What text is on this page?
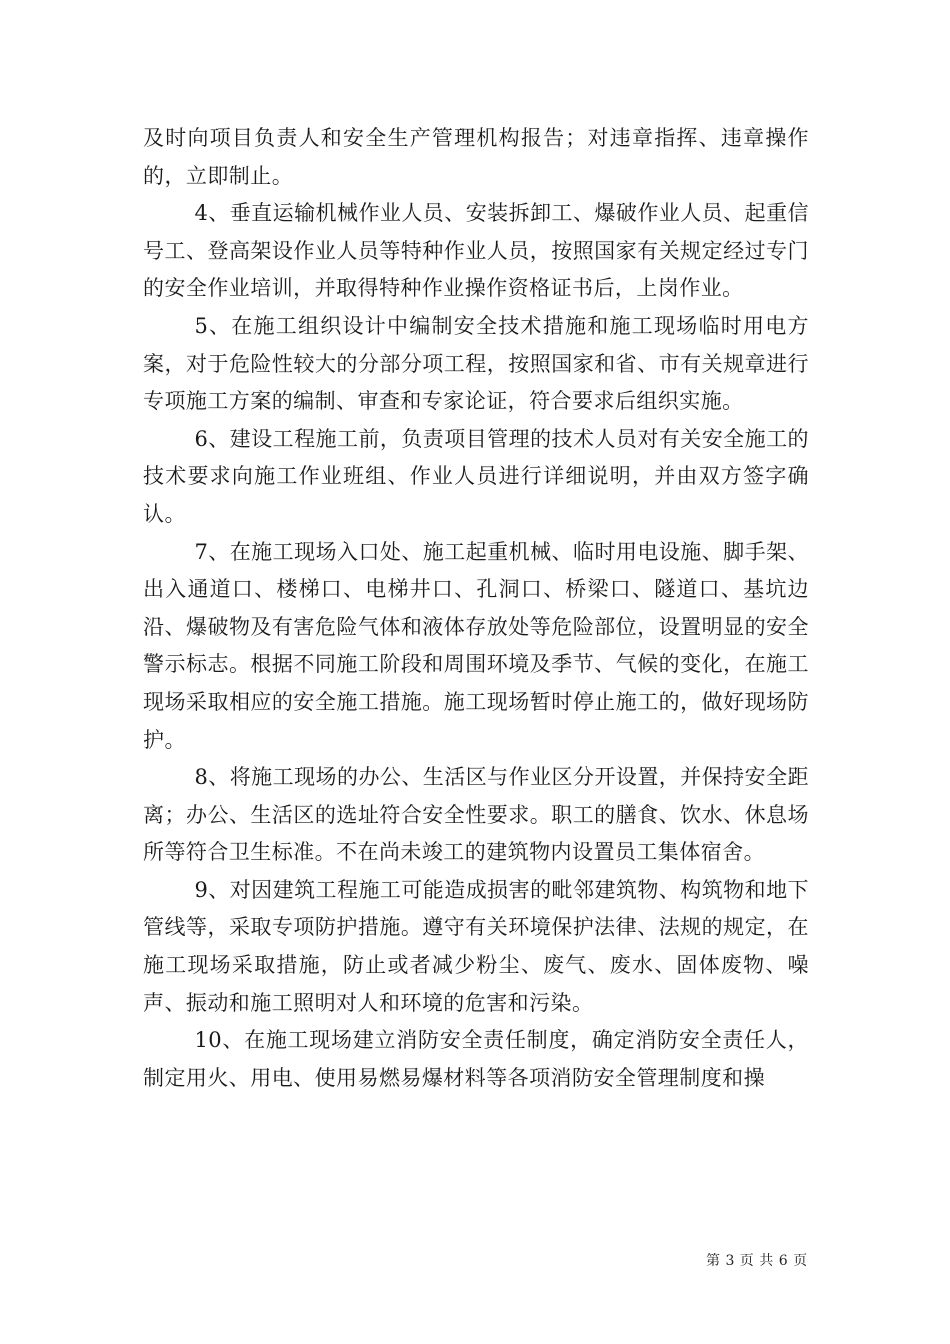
及时向项目负责人和安全生产管理机构报告；对违章指挥、违章操作的，立即制止。

4、垂直运输机械作业人员、安装拆卸工、爆破作业人员、起重信号工、登高架设作业人员等特种作业人员，按照国家有关规定经过专门的安全作业培训，并取得特种作业操作资格证书后，上岗作业。

5、在施工组织设计中编制安全技术措施和施工现场临时用电方案，对于危险性较大的分部分项工程，按照国家和省、市有关规章进行专项施工方案的编制、审查和专家论证，符合要求后组织实施。

6、建设工程施工前，负责项目管理的技术人员对有关安全施工的技术要求向施工作业班组、作业人员进行详细说明，并由双方签字确认。

7、在施工现场入口处、施工起重机械、临时用电设施、脚手架、出入通道口、楼梯口、电梯井口、孔洞口、桥梁口、隧道口、基坑边沿、爆破物及有害危险气体和液体存放处等危险部位，设置明显的安全警示标志。根据不同施工阶段和周围环境及季节、气候的变化，在施工现场采取相应的安全施工措施。施工现场暂时停止施工的，做好现场防护。

8、将施工现场的办公、生活区与作业区分开设置，并保持安全距离；办公、生活区的选址符合安全性要求。职工的膳食、饮水、休息场所等符合卫生标准。不在尚未竣工的建筑物内设置员工集体宿舍。

9、对因建筑工程施工可能造成损害的毗邻建筑物、构筑物和地下管线等，采取专项防护措施。遵守有关环境保护法律、法规的规定，在施工现场采取措施，防止或者减少粉尘、废气、废水、固体废物、噪声、振动和施工照明对人和环境的危害和污染。

10、在施工现场建立消防安全责任制度，确定消防安全责任人，制定用火、用电、使用易燃易爆材料等各项消防安全管理制度和操

第 3 页 共 6 页
